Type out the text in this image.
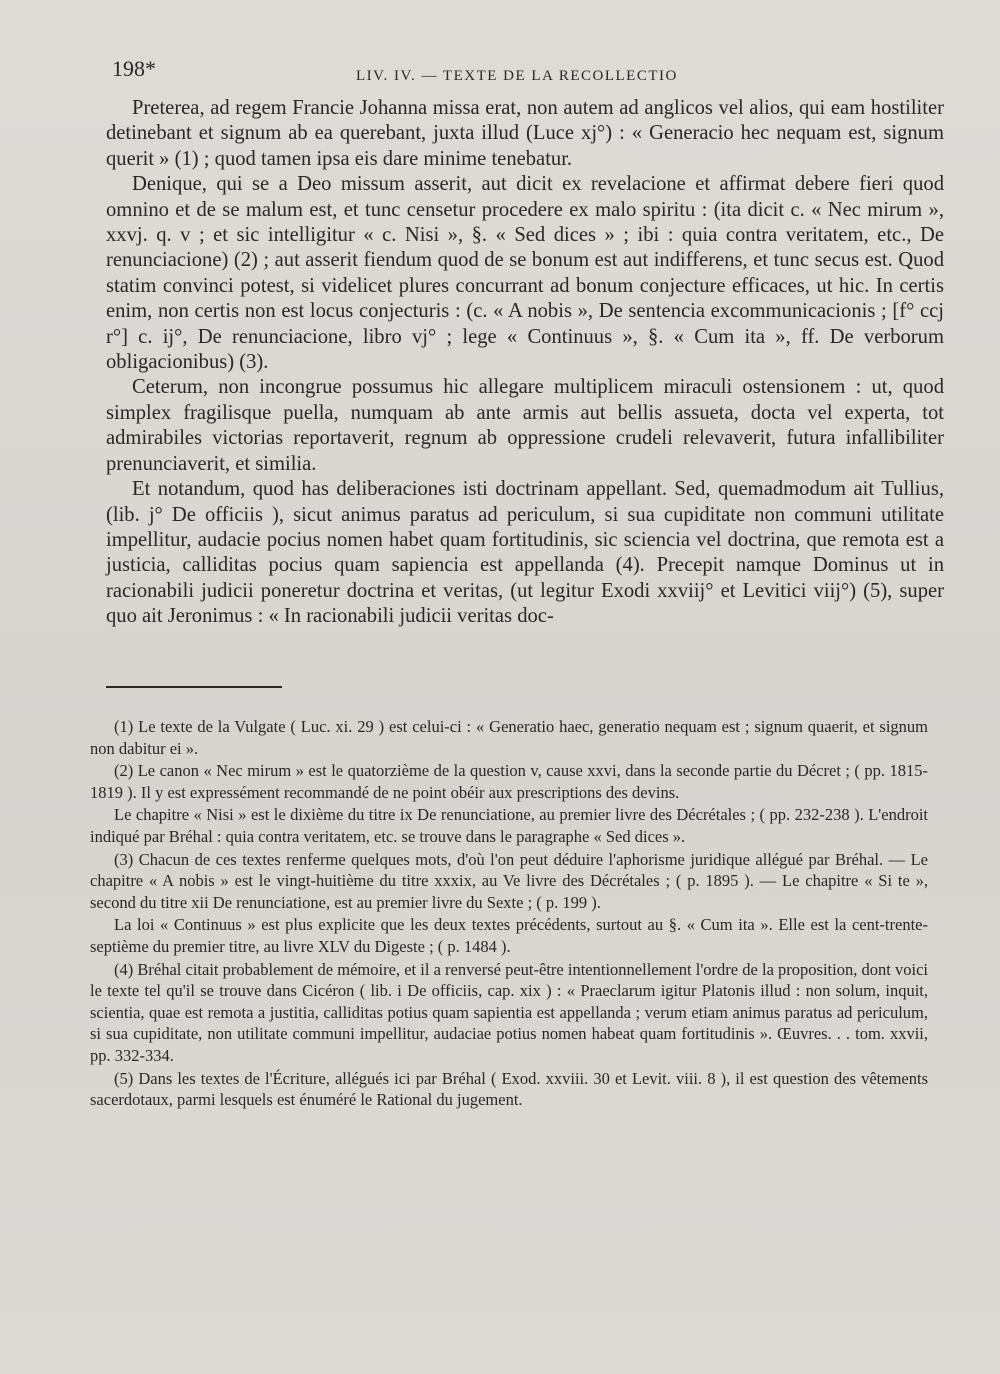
198*	LIV. IV. — TEXTE DE LA RECOLLECTIO

Preterea, ad regem Francie Johanna missa erat, non autem ad anglicos vel alios, qui eam hostiliter detinebant et signum ab ea querebant, juxta illud (Luce xj°) : « Generacio hec nequam est, signum querit » (1) ; quod tamen ipsa eis dare minime tenebatur.

Denique, qui se a Deo missum asserit, aut dicit ex revelacione et affirmat debere fieri quod omnino et de se malum est, et tunc censetur procedere ex malo spiritu : (ita dicit c. « Nec mirum », xxvj. q. v ; et sic intelligitur « c. Nisi », §. « Sed dices » ; ibi : quia contra veritatem, etc., De renunciacione) (2) ; aut asserit fiendum quod de se bonum est aut indifferens, et tunc secus est. Quod statim convinci potest, si videlicet plures concurrant ad bonum conjecture efficaces, ut hic. In certis enim, non certis non est locus conjecturis : (c. « A nobis », De sentencia excommunicacionis ; [f° ccj r°] c. ij°, De renunciacione, libro vj° ; lege « Continuus », §. « Cum ita », ff. De verborum obligacionibus) (3).

Ceterum, non incongrue possumus hic allegare multiplicem miraculi ostensionem : ut, quod simplex fragilisque puella, numquam ab ante armis aut bellis assueta, docta vel experta, tot admirabiles victorias reportaverit, regnum ab oppressione crudeli relevaverit, futura infallibiliter prenunciaverit, et similia.

Et notandum, quod has deliberaciones isti doctrinam appellant. Sed, quemadmodum ait Tullius, (lib. j° De officiis ), sicut animus paratus ad periculum, si sua cupiditate non communi utilitate impellitur, audacie pocius nomen habet quam fortitudinis, sic sciencia vel doctrina, que remota est a justicia, calliditas pocius quam sapiencia est appellanda (4). Precepit namque Dominus ut in racionabili judicii poneretur doctrina et veritas, (ut legitur Exodi xxviij° et Levitici viij°) (5), super quo ait Jeronimus : « In racionabili judicii veritas doc-

(1) Le texte de la Vulgate ( Luc. xi. 29 ) est celui-ci : « Generatio haec, generatio nequam est ; signum quaerit, et signum non dabitur ei ».

(2) Le canon « Nec mirum » est le quatorzième de la question v, cause xxvi, dans la seconde partie du Décret ; ( pp. 1815-1819 ). Il y est expressément recommandé de ne point obéir aux prescriptions des devins.

Le chapitre « Nisi » est le dixième du titre ix De renunciatione, au premier livre des Décrétales ; ( pp. 232-238 ). L'endroit indiqué par Bréhal : quia contra veritatem, etc. se trouve dans le paragraphe « Sed dices ».

(3) Chacun de ces textes renferme quelques mots, d'où l'on peut déduire l'aphorisme juridique allégué par Bréhal. — Le chapitre « A nobis » est le vingt-huitième du titre xxxix, au Ve livre des Décrétales ; ( p. 1895 ). — Le chapitre « Si te », second du titre xii De renunciatione, est au premier livre du Sexte ; ( p. 199 ).

La loi « Continuus » est plus explicite que les deux textes précédents, surtout au §. « Cum ita ». Elle est la cent-trente-septième du premier titre, au livre XLV du Digeste ; ( p. 1484 ).

(4) Bréhal citait probablement de mémoire, et il a renversé peut-être intentionnellement l'ordre de la proposition, dont voici le texte tel qu'il se trouve dans Cicéron ( lib. i De officiis, cap. xix ) : « Praeclarum igitur Platonis illud : non solum, inquit, scientia, quae est remota a justitia, calliditas potius quam sapientia est appellanda ; verum etiam animus paratus ad periculum, si sua cupiditate, non utilitate communi impellitur, audaciae potius nomen habeat quam fortitudinis ». Œuvres. . . tom. xxvii, pp. 332-334.

(5) Dans les textes de l'Écriture, allégués ici par Bréhal ( Exod. xxviii. 30 et Levit. viii. 8 ), il est question des vêtements sacerdotaux, parmi lesquels est énuméré le Rational du jugement.
